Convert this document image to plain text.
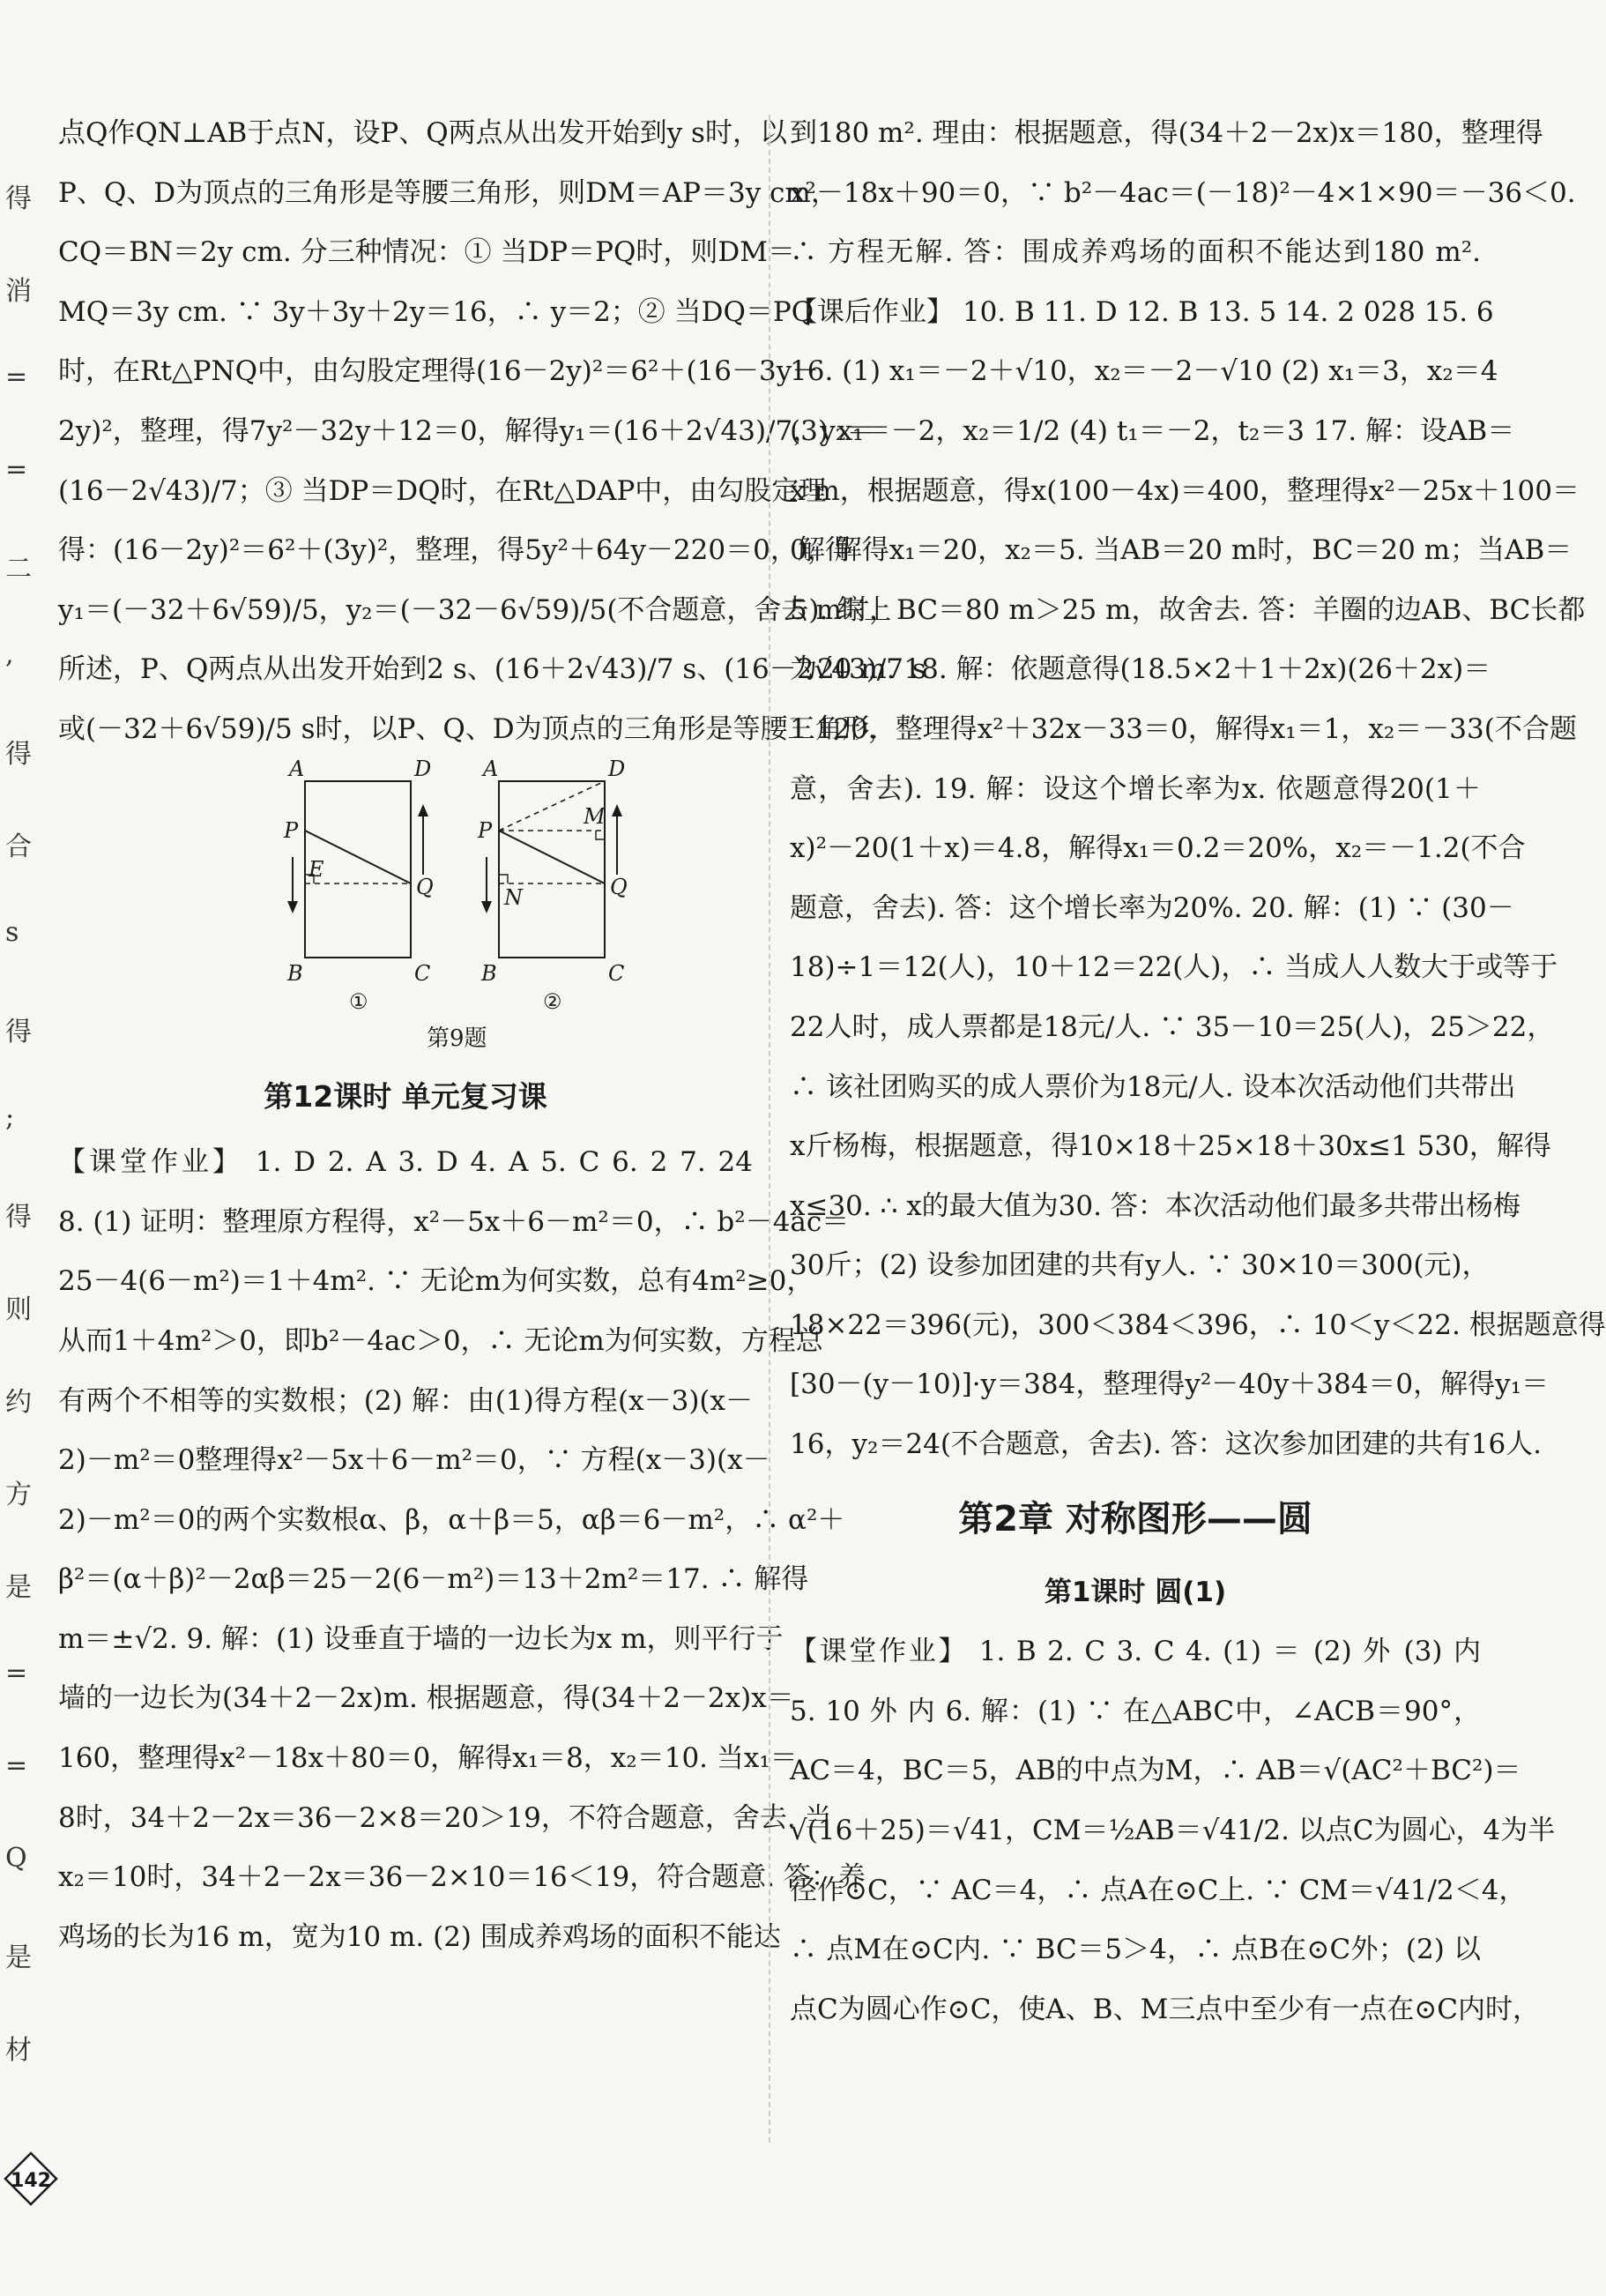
得
消
=
=
二
,
得
合
s
得
;
得
则
约
方
是
=
=
Q
是
材
点Q作QN⊥AB于点N，设P、Q两点从出发开始到y s时，以
P、Q、D为顶点的三角形是等腰三角形，则DM＝AP＝3y cm，
CQ＝BN＝2y cm. 分三种情况：① 当DP＝PQ时，则DM＝
MQ＝3y cm. ∵ 3y＋3y＋2y＝16，∴ y＝2；② 当DQ＝PQ
时，在Rt△PNQ中，由勾股定理得(16－2y)²＝6²＋(16－3y－
2y)²，整理，得7y²－32y＋12＝0，解得y₁＝(16＋2√43)/7，y₂＝
(16－2√43)/7；③ 当DP＝DQ时，在Rt△DAP中，由勾股定理
得：(16－2y)²＝6²＋(3y)²，整理，得5y²＋64y－220＝0，解得
y₁＝(－32＋6√59)/5，y₂＝(－32－6√59)/5(不合题意，舍去). 综上
所述，P、Q两点从出发开始到2 s、(16＋2√43)/7 s、(16－2√43)/7 s
或(－32＋6√59)/5 s时，以P、Q、D为顶点的三角形是等腰三角形.
A	D
P
E
Q
B	C
①
A	D
M
P
N	Q
B	C
②
第9题
第12课时 单元复习课
【课堂作业】 1. D 2. A 3. D 4. A 5. C 6. 2 7. 24
8. (1) 证明：整理原方程得，x²－5x＋6－m²＝0，∴ b²－4ac＝
25－4(6－m²)＝1＋4m². ∵ 无论m为何实数，总有4m²≥0，
从而1＋4m²＞0，即b²－4ac＞0，∴ 无论m为何实数，方程总
有两个不相等的实数根；(2) 解：由(1)得方程(x－3)(x－
2)－m²＝0整理得x²－5x＋6－m²＝0，∵ 方程(x－3)(x－
2)－m²＝0的两个实数根α、β，α＋β＝5，αβ＝6－m²，∴ α²＋
β²＝(α＋β)²－2αβ＝25－2(6－m²)＝13＋2m²＝17. ∴ 解得
m＝±√2. 9. 解：(1) 设垂直于墙的一边长为x m，则平行于
墙的一边长为(34＋2－2x)m. 根据题意，得(34＋2－2x)x＝
160，整理得x²－18x＋80＝0，解得x₁＝8，x₂＝10. 当x₁＝
8时，34＋2－2x＝36－2×8＝20＞19，不符合题意，舍去. 当
x₂＝10时，34＋2－2x＝36－2×10＝16＜19，符合题意. 答：养
鸡场的长为16 m，宽为10 m. (2) 围成养鸡场的面积不能达
到180 m². 理由：根据题意，得(34＋2－2x)x＝180，整理得
x²－18x＋90＝0，∵ b²－4ac＝(－18)²－4×1×90＝－36＜0.
∴ 方程无解. 答：围成养鸡场的面积不能达到180 m².
【课后作业】 10. B 11. D 12. B 13. 5 14. 2 028 15. 6
16. (1) x₁＝－2＋√10，x₂＝－2－√10 (2) x₁＝3，x₂＝4
(3) x₁＝－2，x₂＝1/2 (4) t₁＝－2，t₂＝3 17. 解：设AB＝
x m，根据题意，得x(100－4x)＝400，整理得x²－25x＋100＝
0，解得x₁＝20，x₂＝5. 当AB＝20 m时，BC＝20 m；当AB＝
5 m时，BC＝80 m＞25 m，故舍去. 答：羊圈的边AB、BC长都
为20 m. 18. 解：依题意得(18.5×2＋1＋2x)(26＋2x)＝
1 120，整理得x²＋32x－33＝0，解得x₁＝1，x₂＝－33(不合题
意，舍去). 19. 解：设这个增长率为x. 依题意得20(1＋
x)²－20(1＋x)＝4.8，解得x₁＝0.2＝20%，x₂＝－1.2(不合
题意，舍去). 答：这个增长率为20%. 20. 解：(1) ∵ (30－
18)÷1＝12(人)，10＋12＝22(人)，∴ 当成人人数大于或等于
22人时，成人票都是18元/人. ∵ 35－10＝25(人)，25＞22，
∴ 该社团购买的成人票价为18元/人. 设本次活动他们共带出
x斤杨梅，根据题意，得10×18＋25×18＋30x≤1 530，解得
x≤30. ∴ x的最大值为30. 答：本次活动他们最多共带出杨梅
30斤；(2) 设参加团建的共有y人. ∵ 30×10＝300(元)，
18×22＝396(元)，300＜384＜396，∴ 10＜y＜22. 根据题意得
[30－(y－10)]·y＝384，整理得y²－40y＋384＝0，解得y₁＝
16，y₂＝24(不合题意，舍去). 答：这次参加团建的共有16人.
第2章 对称图形——圆
第1课时 圆(1)
【课堂作业】 1. B 2. C 3. C 4. (1) ＝ (2) 外 (3) 内
5. 10 外 内 6. 解：(1) ∵ 在△ABC中，∠ACB＝90°，
AC＝4，BC＝5，AB的中点为M，∴ AB＝√(AC²＋BC²)＝
√(16＋25)＝√41，CM＝½AB＝√41/2. 以点C为圆心，4为半
径作⊙C，∵ AC＝4，∴ 点A在⊙C上. ∵ CM＝√41/2＜4，
∴ 点M在⊙C内. ∵ BC＝5＞4，∴ 点B在⊙C外；(2) 以
点C为圆心作⊙C，使A、B、M三点中至少有一点在⊙C内时，
142
